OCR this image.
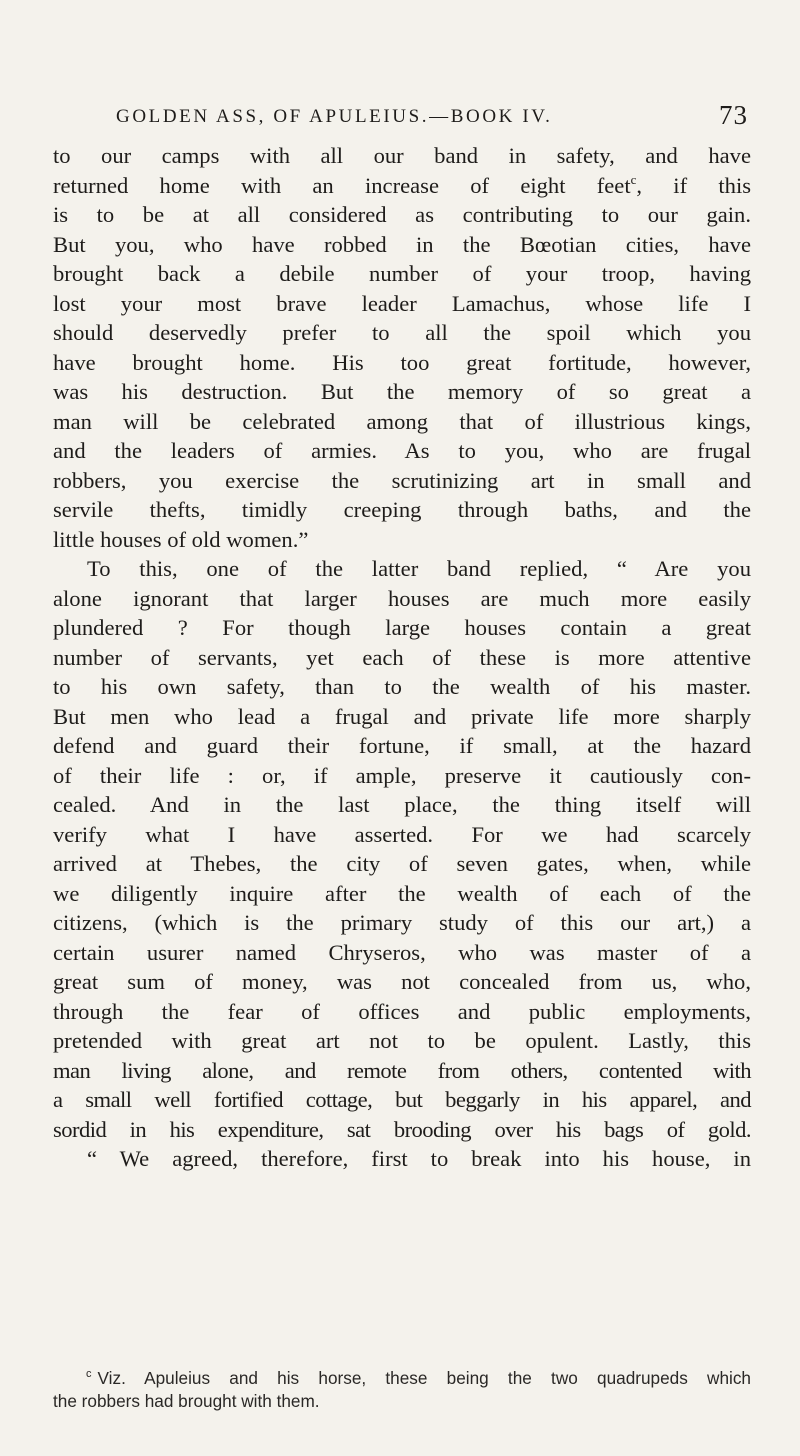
GOLDEN ASS, OF APULEIUS.—BOOK IV.	73

to our camps with all our band in safety, and have
returned home with an increase of eight feet$^c$, if this
is to be at all considered as contributing to our gain.
But you, who have robbed in the Bœotian cities, have
brought back a debile number of your troop, having
lost your most brave leader Lamachus, whose life I
should deservedly prefer to all the spoil which you
have brought home. His too great fortitude, however,
was his destruction. But the memory of so great a
man will be celebrated among that of illustrious kings,
and the leaders of armies. As to you, who are frugal
robbers, you exercise the scrutinizing art in small and
servile thefts, timidly creeping through baths, and the
little houses of old women.”

To this, one of the latter band replied, “ Are you
alone ignorant that larger houses are much more easily
plundered ? For though large houses contain a great
number of servants, yet each of these is more attentive
to his own safety, than to the wealth of his master.
But men who lead a frugal and private life more sharply
defend and guard their fortune, if small, at the hazard
of their life : or, if ample, preserve it cautiously con-
cealed. And in the last place, the thing itself will
verify what I have asserted. For we had scarcely
arrived at Thebes, the city of seven gates, when, while
we diligently inquire after the wealth of each of the
citizens, (which is the primary study of this our art,) a
certain usurer named Chryseros, who was master of a
great sum of money, was not concealed from us, who,
through the fear of offices and public employments,
pretended with great art not to be opulent. Lastly, this
man living alone, and remote from others, contented with
a small well fortified cottage, but beggarly in his apparel, and
sordid in his expenditure, sat brooding over his bags of gold.
“ We agreed, therefore, first to break into his house, in

$^c$ Viz. Apuleius and his horse, these being the two quadrupeds which
the robbers had brought with them.
